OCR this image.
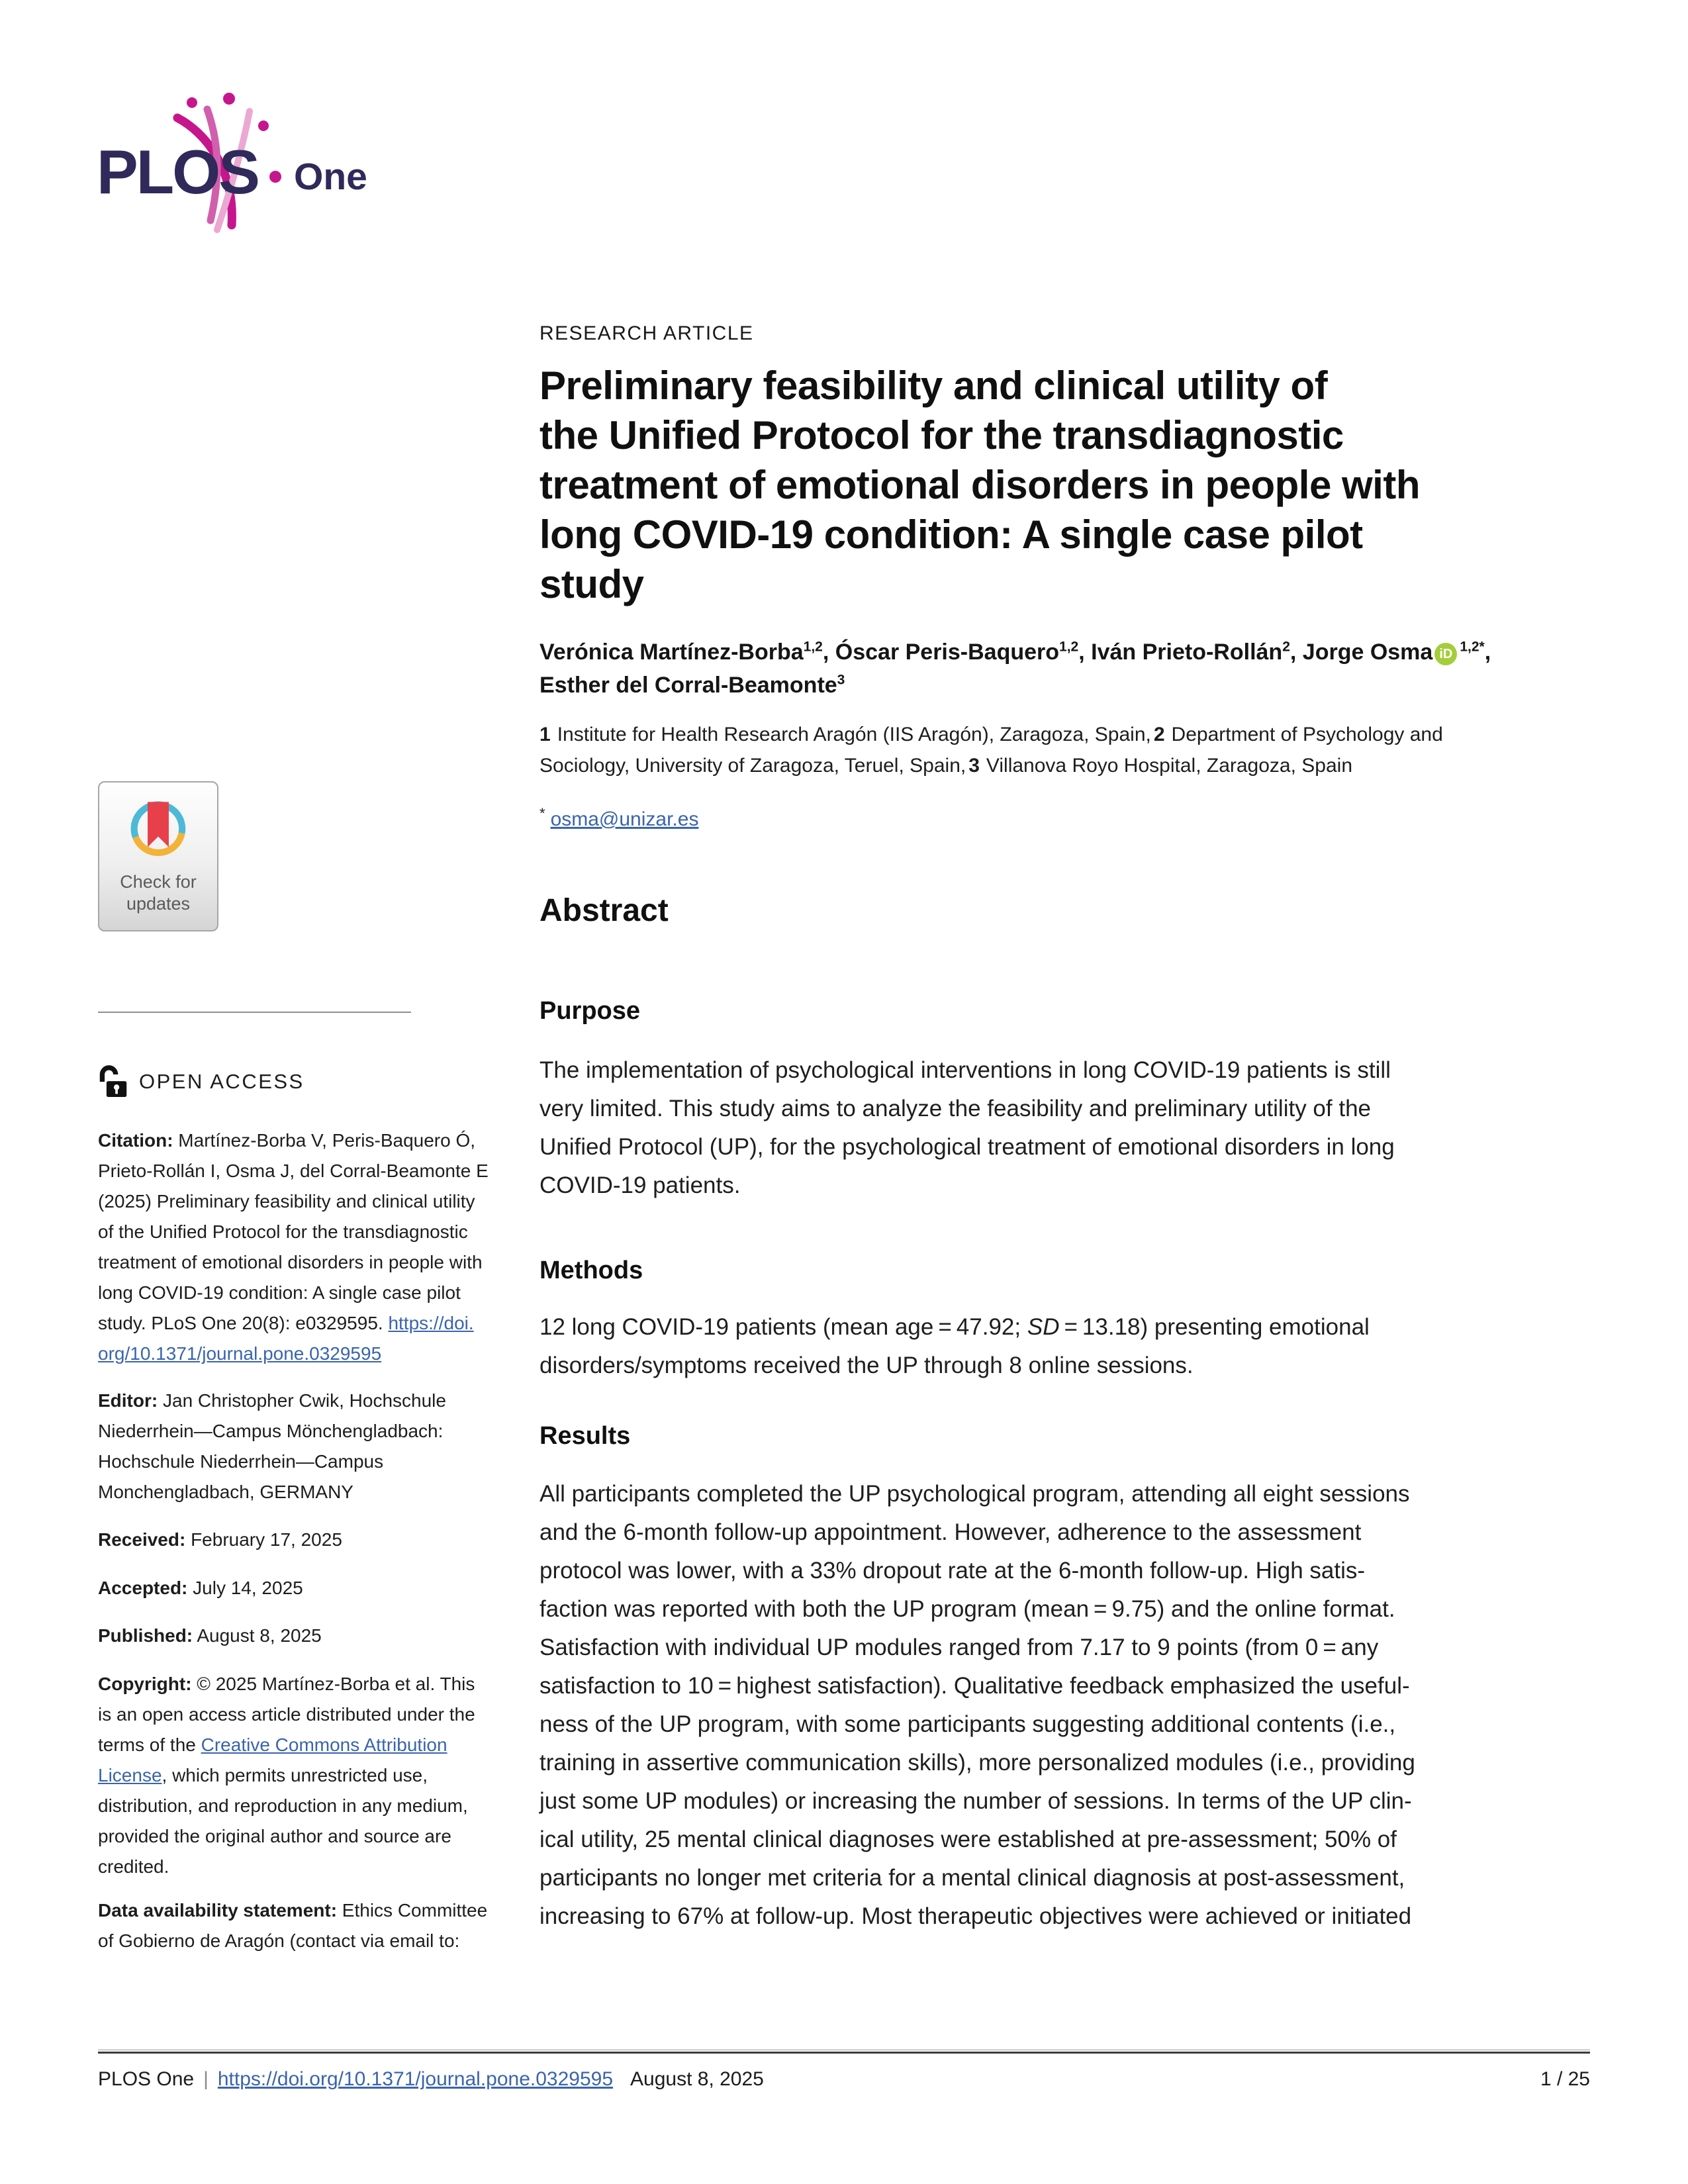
PLOS One
Check for
updates
OPEN ACCESS
Citation: Martínez-Borba V, Peris-Baquero Ó,
Prieto-Rollán I, Osma J, del Corral-Beamonte E
(2025) Preliminary feasibility and clinical utility
of the Unified Protocol for the transdiagnostic
treatment of emotional disorders in people with
long COVID-19 condition: A single case pilot
study. PLoS One 20(8): e0329595. https://doi.
org/10.1371/journal.pone.0329595
Editor: Jan Christopher Cwik, Hochschule
Niederrhein—Campus Mönchengladbach:
Hochschule Niederrhein—Campus
Monchengladbach, GERMANY
Received: February 17, 2025
Accepted: July 14, 2025
Published: August 8, 2025
Copyright: © 2025 Martínez-Borba et al. This
is an open access article distributed under the
terms of the Creative Commons Attribution
License, which permits unrestricted use,
distribution, and reproduction in any medium,
provided the original author and source are
credited.
Data availability statement: Ethics Committee
of Gobierno de Aragón (contact via email to:
RESEARCH ARTICLE
Preliminary feasibility and clinical utility of
the Unified Protocol for the transdiagnostic
treatment of emotional disorders in people with
long COVID-19 condition: A single case pilot
study
Verónica Martínez-Borba$^{1,2}$, Óscar Peris-Baquero$^{1,2}$, Iván Prieto-Rollán$^2$, Jorge Osma iD $^{1,2*}$,
Esther del Corral-Beamonte$^3$
1 Institute for Health Research Aragón (IIS Aragón), Zaragoza, Spain, 2 Department of Psychology and
Sociology, University of Zaragoza, Teruel, Spain, 3 Villanova Royo Hospital, Zaragoza, Spain
* osma@unizar.es
Abstract
Purpose
The implementation of psychological interventions in long COVID-19 patients is still
very limited. This study aims to analyze the feasibility and preliminary utility of the
Unified Protocol (UP), for the psychological treatment of emotional disorders in long
COVID-19 patients.
Methods
12 long COVID-19 patients (mean age = 47.92; SD = 13.18) presenting emotional
disorders/symptoms received the UP through 8 online sessions.
Results
All participants completed the UP psychological program, attending all eight sessions
and the 6-month follow-up appointment. However, adherence to the assessment
protocol was lower, with a 33% dropout rate at the 6-month follow-up. High satis-
faction was reported with both the UP program (mean = 9.75) and the online format.
Satisfaction with individual UP modules ranged from 7.17 to 9 points (from 0 = any
satisfaction to 10 = highest satisfaction). Qualitative feedback emphasized the useful-
ness of the UP program, with some participants suggesting additional contents (i.e.,
training in assertive communication skills), more personalized modules (i.e., providing
just some UP modules) or increasing the number of sessions. In terms of the UP clin-
ical utility, 25 mental clinical diagnoses were established at pre-assessment; 50% of
participants no longer met criteria for a mental clinical diagnosis at post-assessment,
increasing to 67% at follow-up. Most therapeutic objectives were achieved or initiated
PLOS One | https://doi.org/10.1371/journal.pone.0329595 August 8, 2025	1 / 25
